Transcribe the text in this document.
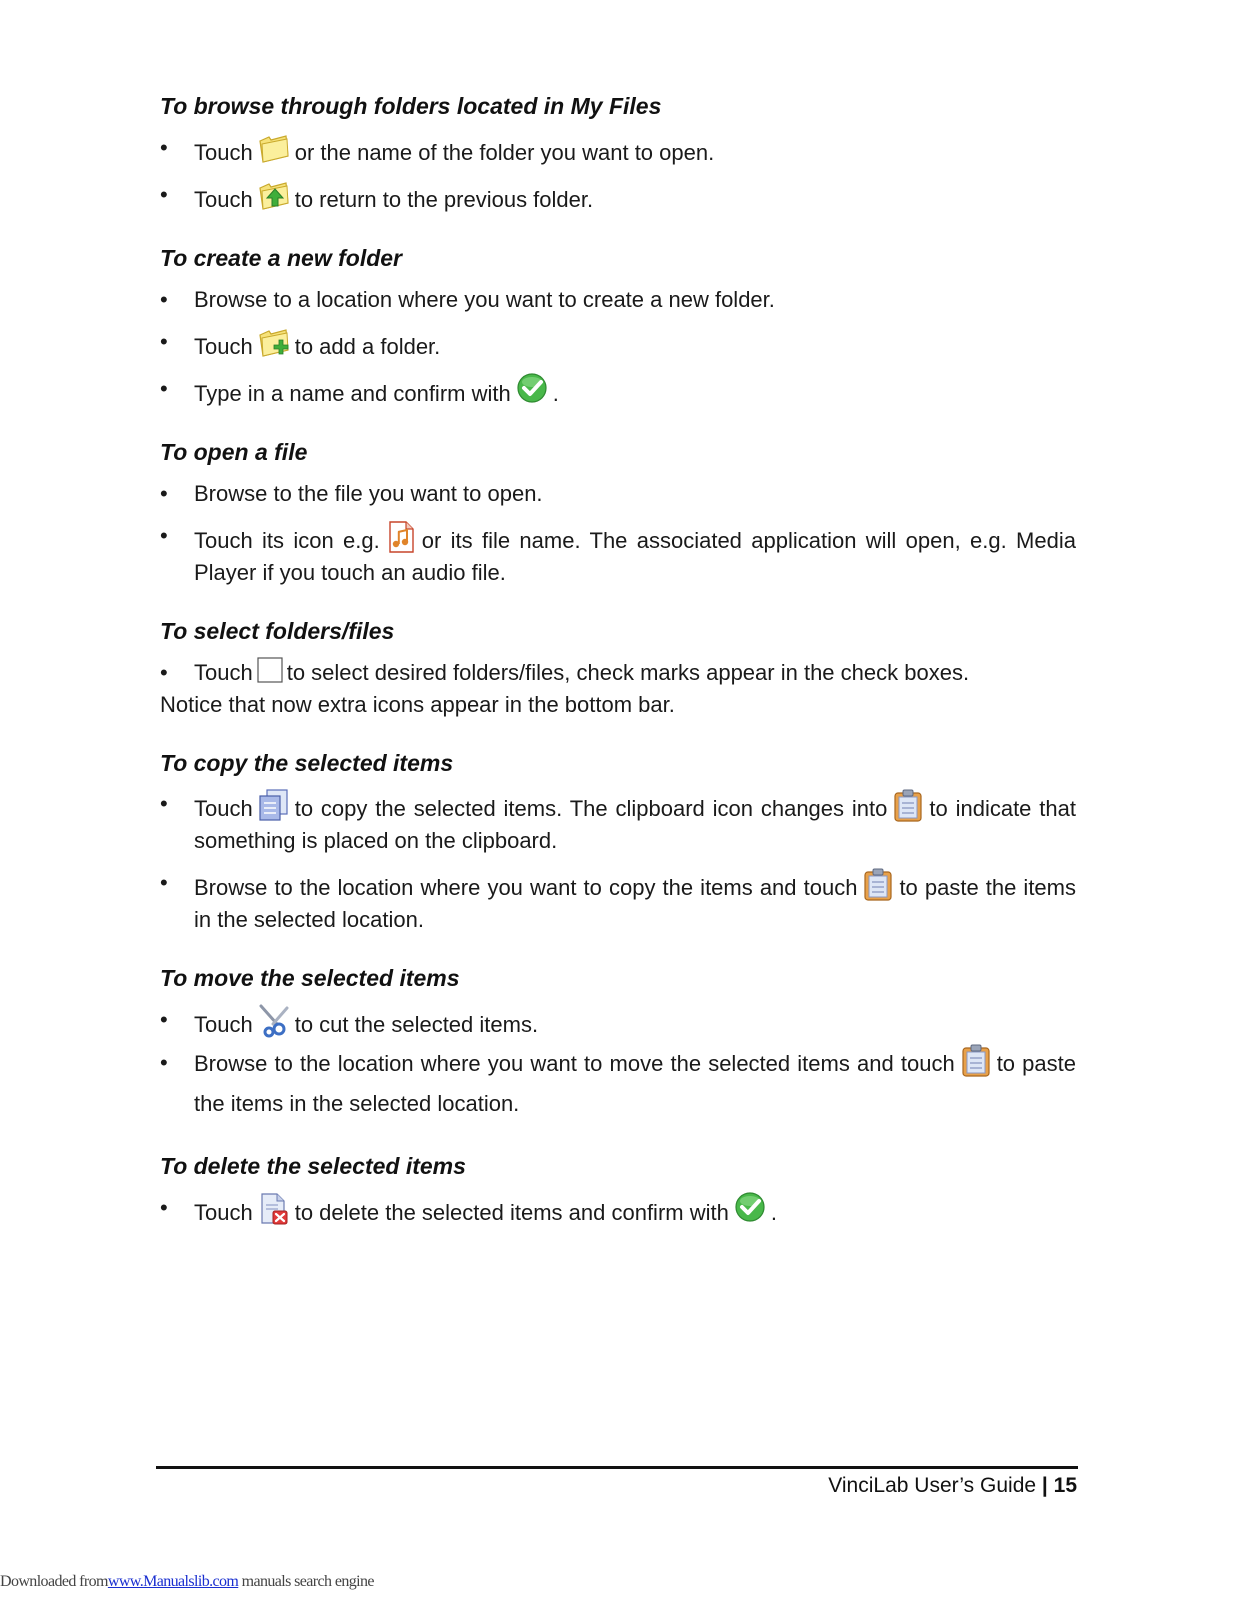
To browse through folders located in My Files
•	Touch or the name of the folder you want to open.
•	Touch to return to the previous folder.
To create a new folder
•	Browse to a location where you want to create a new folder.
•	Touch to add a folder.
•	Type in a name and confirm with .
To open a file
•	Browse to the file you want to open.
•	Touch its icon e.g. or its file name. The associated application will open, e.g. Media Player if you touch an audio file.
To select folders/files
•	Touch to select desired folders/files, check marks appear in the check boxes.

Notice that now extra icons appear in the bottom bar.

To copy the selected items
•	Touch to copy the selected items. The clipboard icon changes into to indicate that something is placed on the clipboard.
•	Browse to the location where you want to copy the items and touch to paste the items in the selected location.
To move the selected items
•	Touch to cut the selected items.
•	Browse to the location where you want to move the selected items and touch to paste the items in the selected location.
To delete the selected items
•	Touch to delete the selected items and confirm with .
VinciLab User’s Guide | 15
Downloaded fromwww.Manualslib.com manuals search engine
